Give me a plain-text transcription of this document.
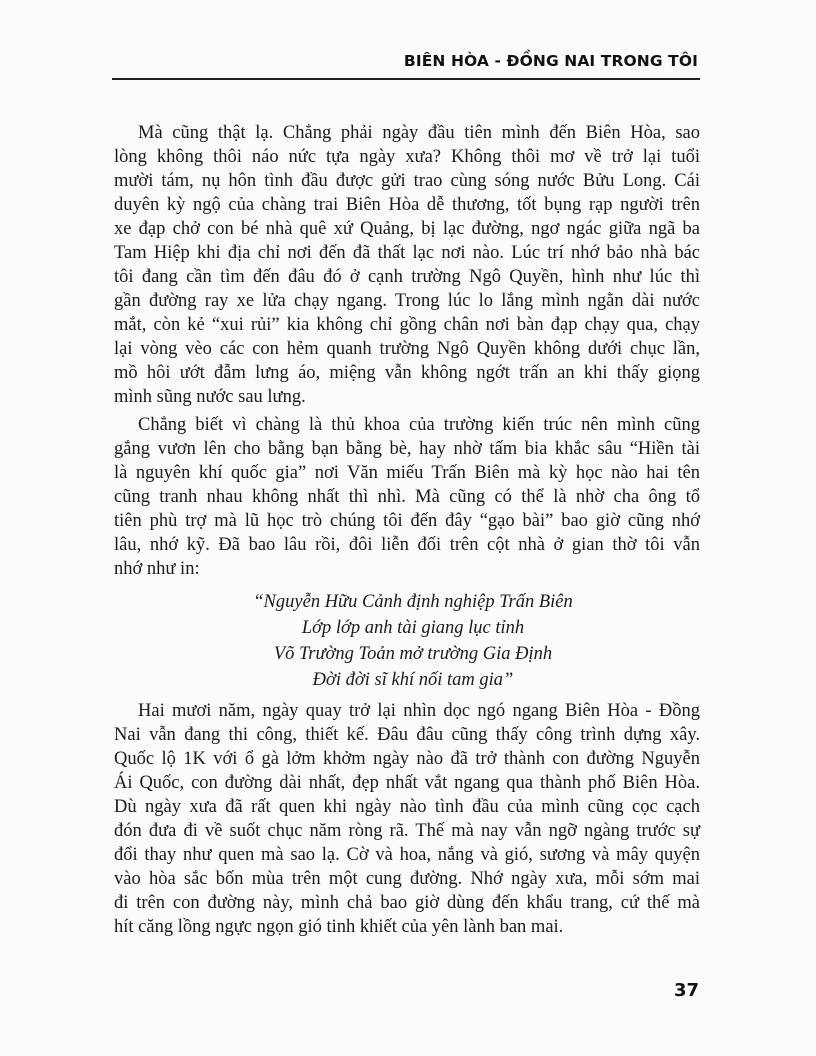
BIÊN HÒA - ĐỒNG NAI TRONG TÔI
Mà cũng thật lạ. Chẳng phải ngày đầu tiên mình đến Biên Hòa, sao
lòng không thôi náo nức tựa ngày xưa? Không thôi mơ về trở lại tuổi
mười tám, nụ hôn tình đầu được gửi trao cùng sóng nước Bửu Long. Cái
duyên kỳ ngộ của chàng trai Biên Hòa dễ thương, tốt bụng rạp người trên
xe đạp chở con bé nhà quê xứ Quảng, bị lạc đường, ngơ ngác giữa ngã ba
Tam Hiệp khi địa chỉ nơi đến đã thất lạc nơi nào. Lúc trí nhớ bảo nhà bác
tôi đang cần tìm đến đâu đó ở cạnh trường Ngô Quyền, hình như lúc thì
gần đường ray xe lửa chạy ngang. Trong lúc lo lắng mình ngằn dài nước
mắt, còn kẻ “xui rủi” kia không chỉ gồng chân nơi bàn đạp chạy qua, chạy
lại vòng vèo các con hẻm quanh trường Ngô Quyền không dưới chục lần,
mồ hôi ướt đẫm lưng áo, miệng vẫn không ngớt trấn an khi thấy giọng
mình sũng nước sau lưng.
Chẳng biết vì chàng là thủ khoa của trường kiến trúc nên mình cũng
gắng vươn lên cho bằng bạn bằng bè, hay nhờ tấm bia khắc sâu “Hiền tài
là nguyên khí quốc gia” nơi Văn miếu Trấn Biên mà kỳ học nào hai tên
cũng tranh nhau không nhất thì nhì. Mà cũng có thể là nhờ cha ông tổ
tiên phù trợ mà lũ học trò chúng tôi đến đây “gạo bài” bao giờ cũng nhớ
lâu, nhớ kỹ. Đã bao lâu rồi, đôi liễn đối trên cột nhà ở gian thờ tôi vẫn
nhớ như in:
“Nguyễn Hữu Cảnh định nghiệp Trấn Biên
Lớp lớp anh tài giang lục tỉnh
Võ Trường Toản mở trường Gia Định
Đời đời sĩ khí nối tam gia”
Hai mươi năm, ngày quay trở lại nhìn dọc ngó ngang Biên Hòa - Đồng
Nai vẫn đang thi công, thiết kế. Đâu đâu cũng thấy công trình dựng xây.
Quốc lộ 1K với ổ gà lởm khởm ngày nào đã trở thành con đường Nguyễn
Ái Quốc, con đường dài nhất, đẹp nhất vắt ngang qua thành phố Biên Hòa.
Dù ngày xưa đã rất quen khi ngày nào tình đầu của mình cũng cọc cạch
đón đưa đi về suốt chục năm ròng rã. Thế mà nay vẫn ngỡ ngàng trước sự
đổi thay như quen mà sao lạ. Cờ và hoa, nắng và gió, sương và mây quyện
vào hòa sắc bốn mùa trên một cung đường. Nhớ ngày xưa, mỗi sớm mai
đi trên con đường này, mình chả bao giờ dùng đến khẩu trang, cứ thế mà
hít căng lồng ngực ngọn gió tinh khiết của yên lành ban mai.
37
